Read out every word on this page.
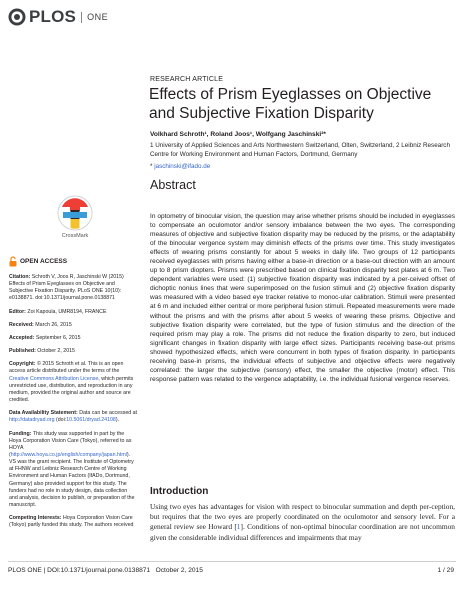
PLOS	ONE
RESEARCH ARTICLE
Effects of Prism Eyeglasses on Objective and Subjective Fixation Disparity
Volkhard Schroth¹, Roland Joos¹, Wolfgang Jaschinski²*
1 University of Applied Sciences and Arts Northwestern Switzerland, Olten, Switzerland, 2 Leibniz Research Centre for Working Environment and Human Factors, Dortmund, Germany
* jaschinski@ifado.de
Abstract
In optometry of binocular vision, the question may arise whether prisms should be included in eyeglasses to compensate an oculomotor and/or sensory imbalance between the two eyes. The corresponding measures of objective and subjective fixation disparity may be reduced by the prisms, or the adaptability of the binocular vergence system may diminish effects of the prisms over time. This study investigates effects of wearing prisms constantly for about 5 weeks in daily life. Two groups of 12 participants received eyeglasses with prisms having either a base-in direction or a base-out direction with an amount up to 8 prism diopters. Prisms were prescribed based on clinical fixation disparity test plates at 6 m. Two dependent variables were used: (1) subjective fixation disparity was indicated by a per-ceived offset of dichoptic nonius lines that were superimposed on the fusion stimuli and (2) objective fixation disparity was measured with a video based eye tracker relative to monoc-ular calibration. Stimuli were presented at 6 m and included either central or more peripheral fusion stimuli. Repeated measurements were made without the prisms and with the prisms after about 5 weeks of wearing these prisms. Objective and subjective fixation disparity were correlated, but the type of fusion stimulus and the direction of the required prism may play a role. The prisms did not reduce the fixation disparity to zero, but induced significant changes in fixation disparity with large effect sizes. Participants receiving base-out prisms showed hypothesized effects, which were concurrent in both types of fixation disparity. In participants receiving base-in prisms, the individual effects of subjective and objective effects were negatively correlated: the larger the subjective (sensory) effect, the smaller the objective (motor) effect. This response pattern was related to the vergence adaptability, i.e. the individual fusional vergence reserves.
CrossMark
OPEN ACCESS

Citation: Schroth V, Joos R, Jaschinski W (2015) Effects of Prism Eyeglasses on Objective and Subjective Fixation Disparity. PLoS ONE 10(10): e0138871. doi:10.1371/journal.pone.0138871

Editor: Zoi Kapoula, UMR8194, FRANCE

Received: March 26, 2015

Accepted: September 6, 2015

Published: October 2, 2015

Copyright: © 2015 Schroth et al. This is an open access article distributed under the terms of the Creative Commons Attribution License, which permits unrestricted use, distribution, and reproduction in any medium, provided the original author and source are credited.

Data Availability Statement: Data can be accessed at http://datadryad.org (doi:10.5061/dryad.24108).

Funding: This study was supported in part by the Hoya Corporation Vision Care (Tokyo), referred to as HOYA (http://www.hoya.co.jp/english/company/japan.html). VS was the grant recipient. The Institute of Optometry at FHNW and Leibniz Research Centre of Working Environment and Human Factors (IfADo, Dortmund, Germany) also provided support for this study. The funders had no role in study design, data collection and analysis, decision to publish, or preparation of the manuscript.

Competing Interests: Hoya Corporation Vision Care (Tokyo) partly funded this study. The authors received

Introduction
Using two eyes has advantages for vision with respect to binocular summation and depth per-ception, but requires that the two eyes are properly coordinated on the oculomotor and sensory level. For a general review see Howard [1]. Conditions of non-optimal binocular coordination are not uncommon given the considerable individual differences and impairments that may
PLOS ONE | DOI:10.1371/journal.pone.0138871   October 2, 2015	1 / 29
